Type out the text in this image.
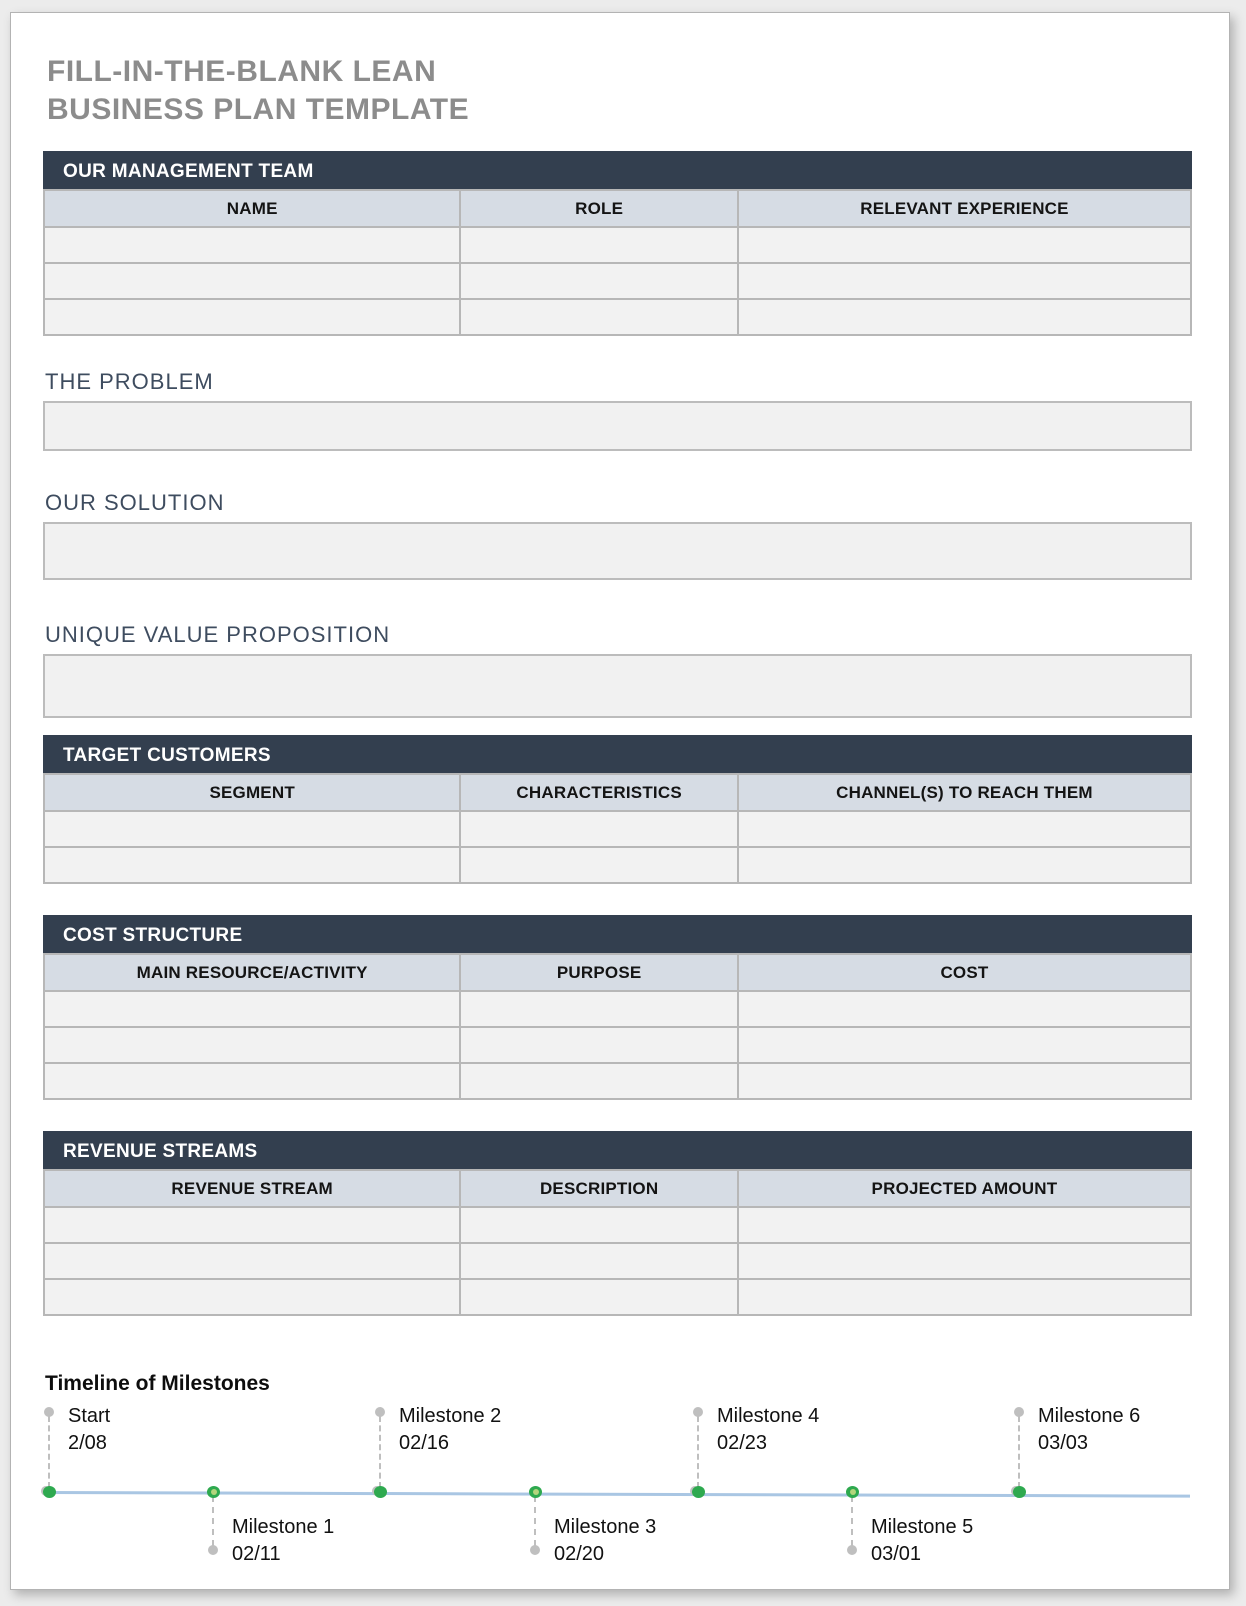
FILL-IN-THE-BLANK LEAN
BUSINESS PLAN TEMPLATE
OUR MANAGEMENT TEAM
NAME	ROLE	RELEVANT EXPERIENCE

THE PROBLEM
OUR SOLUTION
UNIQUE VALUE PROPOSITION
TARGET CUSTOMERS
SEGMENT	CHARACTERISTICS	CHANNEL(S) TO REACH THEM

COST STRUCTURE
MAIN RESOURCE/ACTIVITY	PURPOSE	COST

REVENUE STREAMS
REVENUE STREAM	DESCRIPTION	PROJECTED AMOUNT

Timeline of Milestones
Start
2/08
Milestone 1
02/11
Milestone 2
02/16
Milestone 3
02/20
Milestone 4
02/23
Milestone 5
03/01
Milestone 6
03/03
